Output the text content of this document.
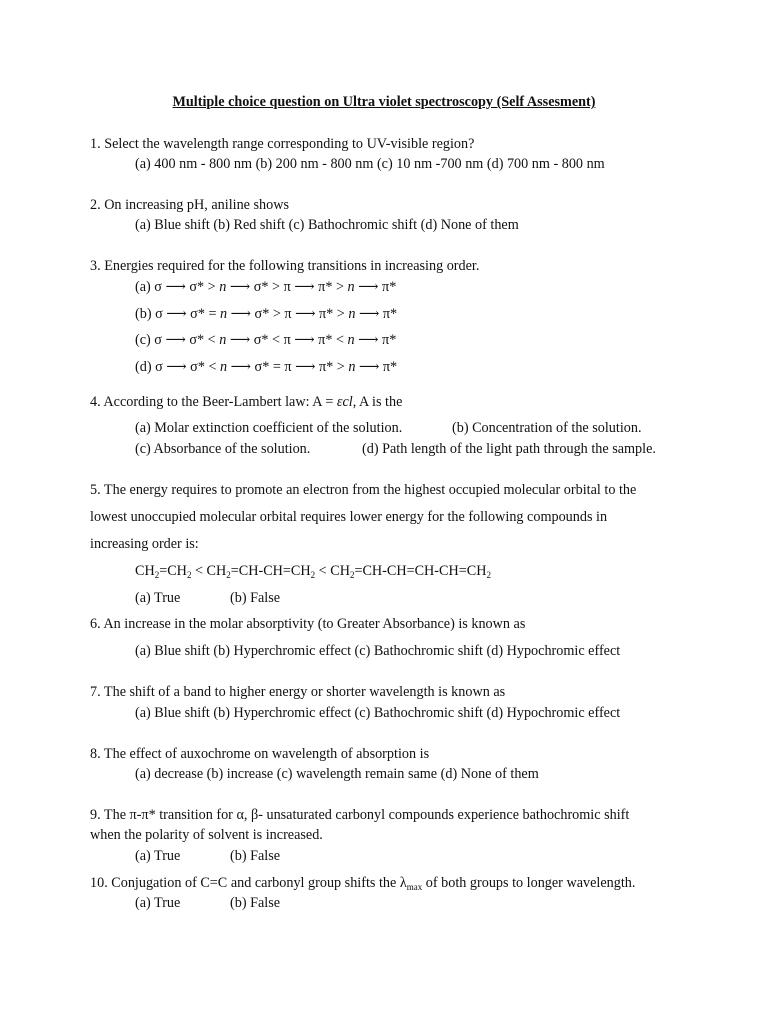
Multiple choice question on Ultra violet spectroscopy (Self Assesment)

1. Select the wavelength range corresponding to UV-visible region?

(a) 400 nm - 800 nm (b) 200 nm - 800 nm (c) 10 nm -700 nm (d) 700 nm - 800 nm

2. On increasing pH, aniline shows

(a) Blue shift (b) Red shift (c) Bathochromic shift (d) None of them

3. Energies required for the following transitions in increasing order.

(a) σ ⟶ σ* > n ⟶ σ* > π ⟶ π* > n ⟶ π*

(b) σ ⟶ σ* = n ⟶ σ* > π ⟶ π* > n ⟶ π*

(c) σ ⟶ σ* < n ⟶ σ* < π ⟶ π* < n ⟶ π*

(d) σ ⟶ σ* < n ⟶ σ* = π ⟶ π* > n ⟶ π*

4. According to the Beer-Lambert law: A = εcl, A is the

(a) Molar extinction coefficient of the solution.	(b) Concentration of the solution.

(c) Absorbance of the solution.	(d) Path length of the light path through the sample.

5. The energy requires to promote an electron from the highest occupied molecular orbital to the

lowest unoccupied molecular orbital requires lower energy for the following compounds in

increasing order is:

$CH_2=CH_2 < CH_2=CH-CH=CH_2 < CH_2=CH-CH=CH-CH=CH_2$

(a) True	(b) False

6. An increase in the molar absorptivity (to Greater Absorbance) is known as

(a) Blue shift (b) Hyperchromic effect (c) Bathochromic shift (d) Hypochromic effect

7. The shift of a band to higher energy or shorter wavelength is known as

(a) Blue shift (b) Hyperchromic effect (c) Bathochromic shift (d) Hypochromic effect

8. The effect of auxochrome on wavelength of absorption is

(a) decrease (b) increase (c) wavelength remain same (d) None of them

9. The π-π* transition for α, β- unsaturated carbonyl compounds experience bathochromic shift

when the polarity of solvent is increased.

(a) True	(b) False

10. Conjugation of C=C and carbonyl group shifts the $\lambda_{max}$ of both groups to longer wavelength.

(a) True	(b) False
